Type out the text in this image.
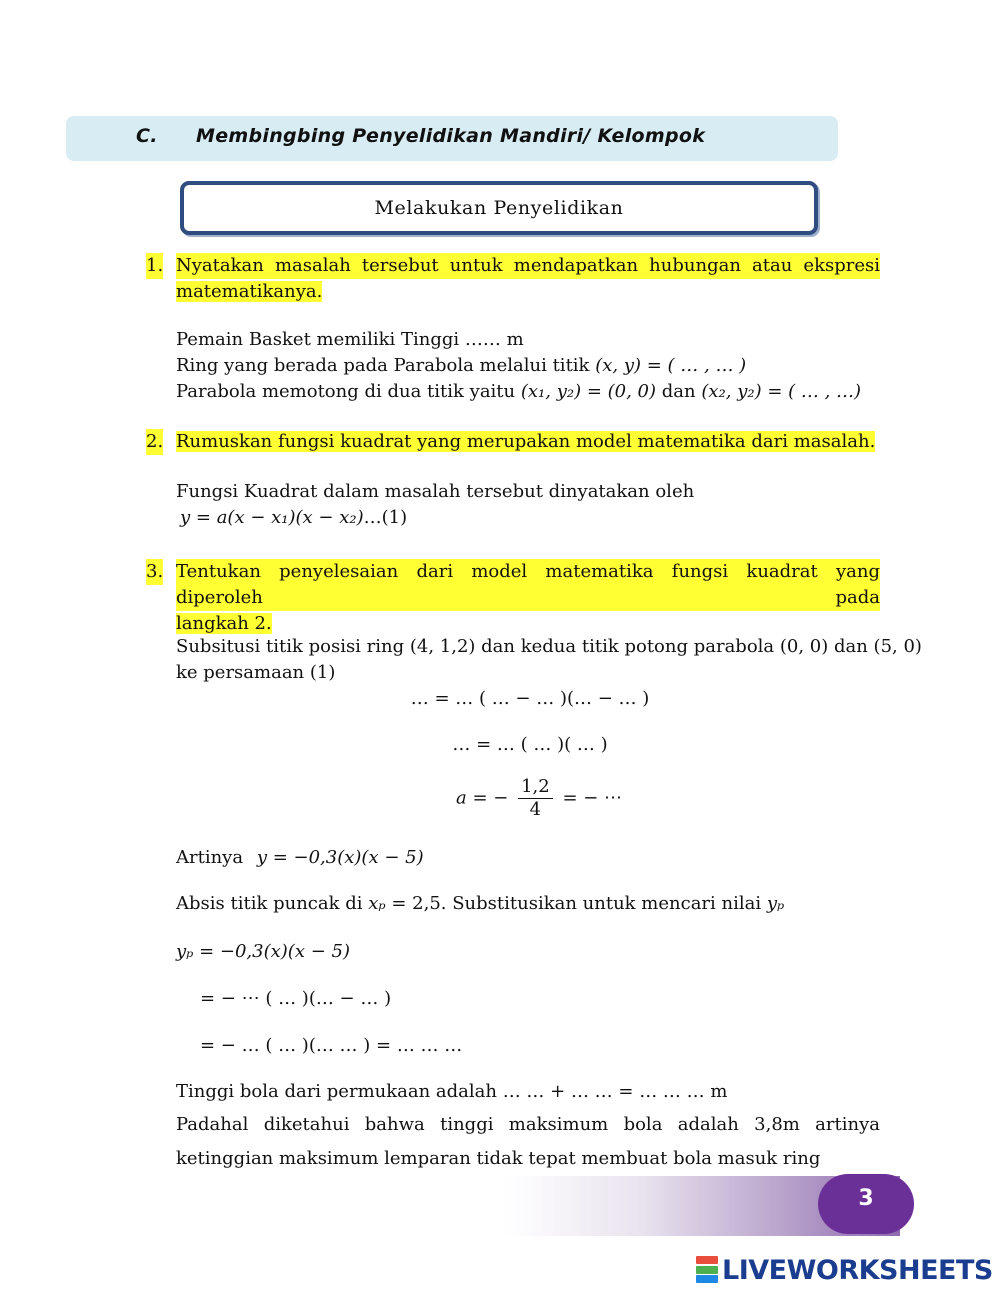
C. Membingbing Penyelidikan Mandiri/ Kelompok
Melakukan Penyelidikan
1. Nyatakan masalah tersebut untuk mendapatkan hubungan atau ekspresi
matematikanya.
Pemain Basket memiliki Tinggi …… m
Ring yang berada pada Parabola melalui titik (x, y) = ( … , … )
Parabola memotong di dua titik yaitu (x₁, y₂) = (0, 0) dan (x₂, y₂) = ( … , …)
2. Rumuskan fungsi kuadrat yang merupakan model matematika dari masalah.
Fungsi Kuadrat dalam masalah tersebut dinyatakan oleh
y = a(x − x₁)(x − x₂)…(1)
3. Tentukan penyelesaian dari model matematika fungsi kuadrat yang diperoleh pada
langkah 2.
Subsitusi titik posisi ring (4, 1,2) dan kedua titik potong parabola (0, 0) dan (5, 0)
ke persamaan (1)
… = … ( … − … )(… − … )
… = … ( … )( … )
a = − $\frac{1,2}{4}$ = − ⋯
Artinya y = −0,3(x)(x − 5)
Absis titik puncak di xₚ = 2,5. Substitusikan untuk mencari nilai yₚ
yₚ = −0,3(x)(x − 5)
= − ⋯ ( … )(… − … )
= − … ( … )(… … ) = … … …
Tinggi bola dari permukaan adalah … … + … … = … … … m
Padahal diketahui bahwa tinggi maksimum bola adalah 3,8m artinya ketinggian maksimum lemparan tidak tepat membuat bola masuk ring
3
LIVEWORKSHEETS
